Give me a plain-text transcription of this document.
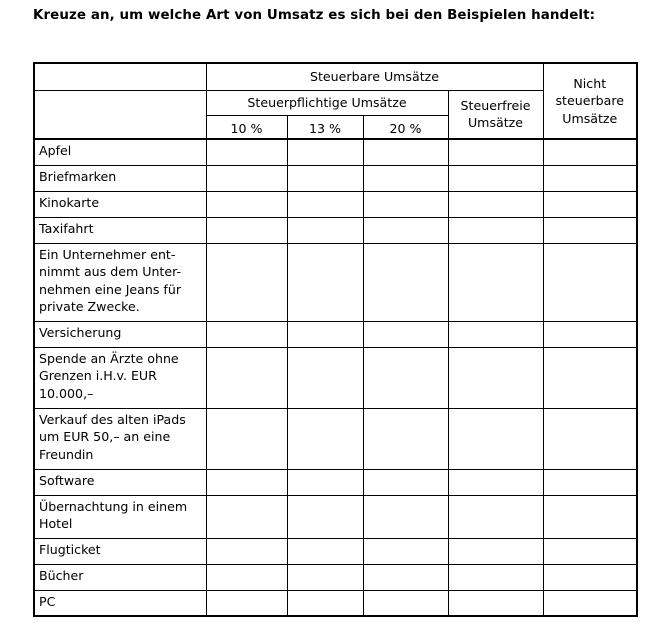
Kreuze an, um welche Art von Umsatz es sich bei den Beispielen handelt:
	Steuerbare Umsätze				Nicht
steuerbare
Umsätze

	Steuerpflichtige Umsätze			Steuerfreie
Umsätze	

	10 %	13 %	20 %		

Apfel					

Briefmarken					

Kinokarte					

Taxifahrt					

Ein Unternehmer ent-
nimmt aus dem Unter-
nehmen eine Jeans für
private Zwecke.					

Versicherung					

Spende an Ärzte ohne
Grenzen i.H.v. EUR
10.000,–					

Verkauf des alten iPads
um EUR 50,– an eine
Freundin					

Software					

Übernachtung in einem
Hotel					

Flugticket					

Bücher					

PC					
